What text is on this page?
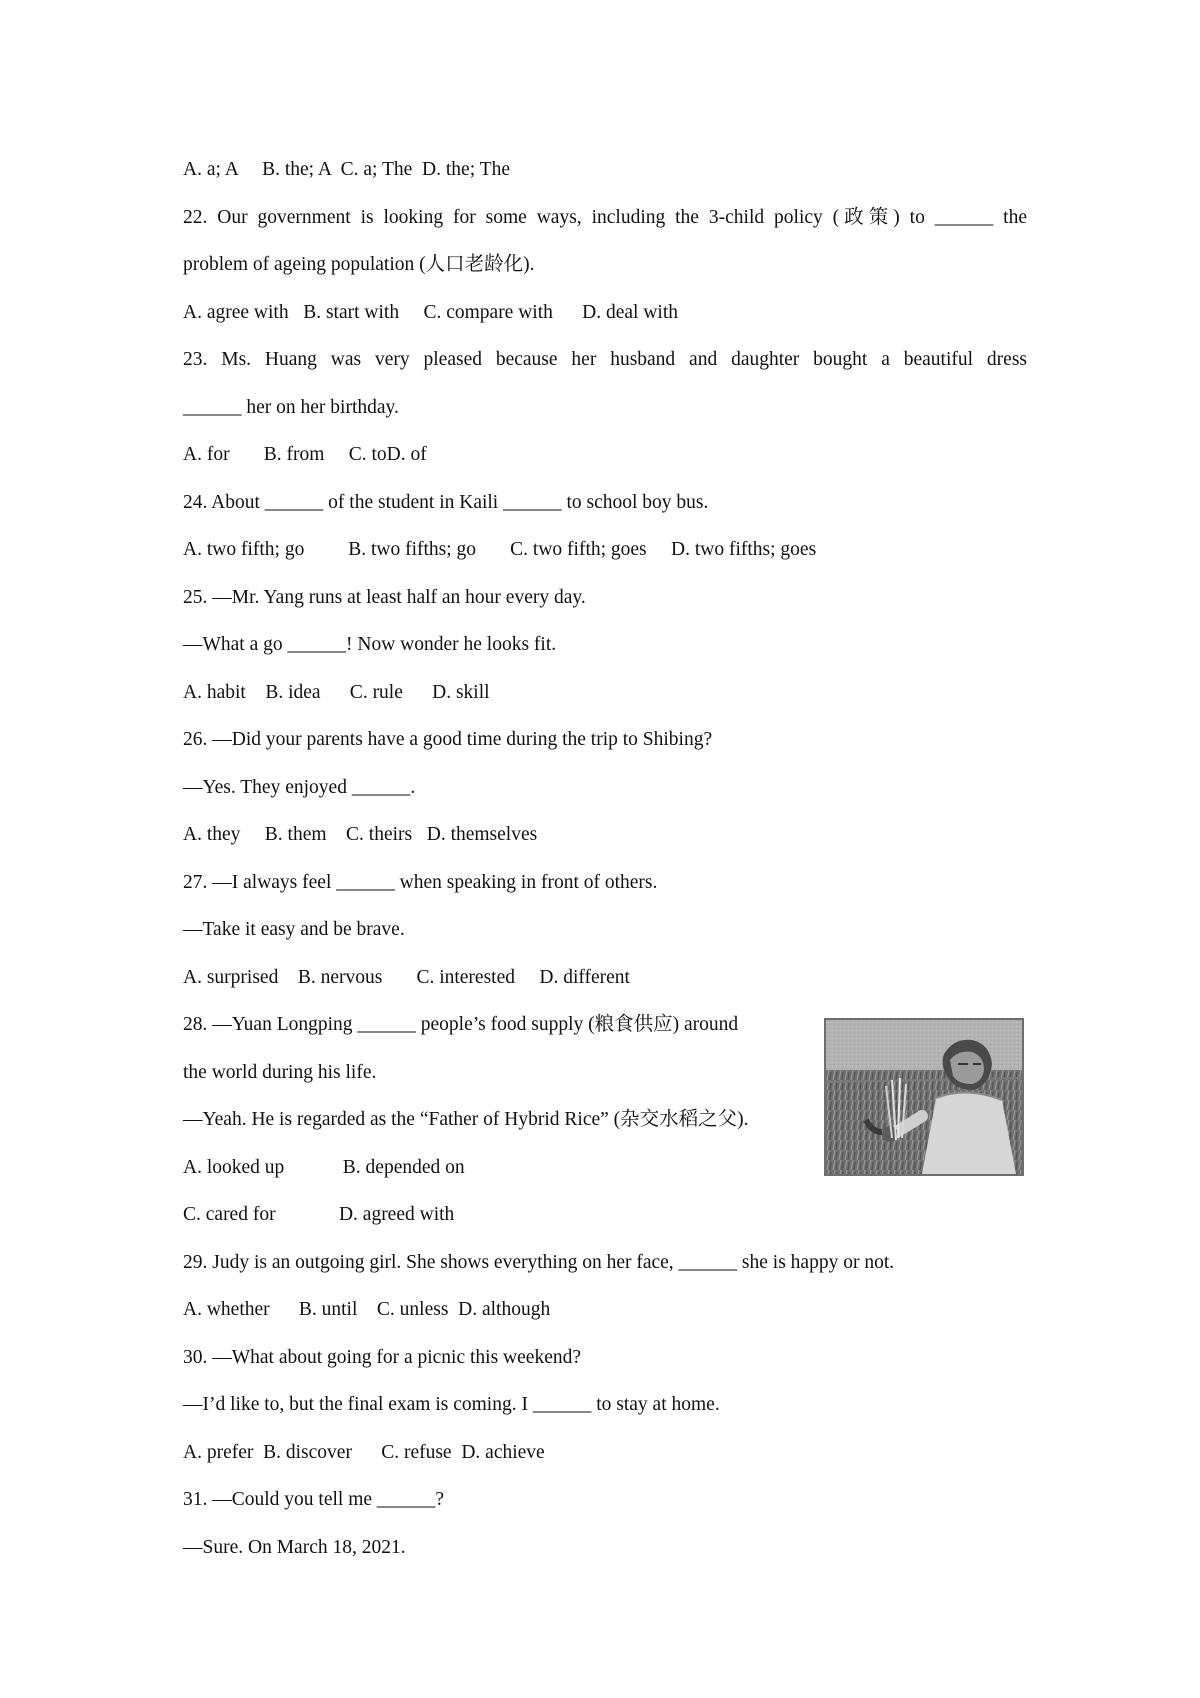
A. a; A     B. the; A  C. a; The  D. the; The
22. Our government is looking for some ways, including the 3-child policy (政策) to ______ the
problem of ageing population (人口老龄化).
A. agree with   B. start with     C. compare with      D. deal with
23. Ms. Huang was very pleased because her husband and daughter bought a beautiful dress
______ her on her birthday.
A. for       B. from     C. toD. of
24. About ______ of the student in Kaili ______ to school boy bus.
A. two fifth; go         B. two fifths; go       C. two fifth; goes     D. two fifths; goes
25. —Mr. Yang runs at least half an hour every day.
—What a go ______! Now wonder he looks fit.
A. habit    B. idea      C. rule      D. skill
26. —Did your parents have a good time during the trip to Shibing?
—Yes. They enjoyed ______.
A. they     B. them    C. theirs   D. themselves
27. —I always feel ______ when speaking in front of others.
—Take it easy and be brave.
A. surprised    B. nervous       C. interested     D. different
28. —Yuan Longping ______ people’s food supply (粮食供应) around
the world during his life.
—Yeah. He is regarded as the “Father of Hybrid Rice” (杂交水稻之父).
A. looked up            B. depended on
C. cared for             D. agreed with
29. Judy is an outgoing girl. She shows everything on her face, ______ she is happy or not.
A. whether      B. until    C. unless  D. although
30. —What about going for a picnic this weekend?
—I’d like to, but the final exam is coming. I ______ to stay at home.
A. prefer  B. discover      C. refuse  D. achieve
31. —Could you tell me ______?
—Sure. On March 18, 2021.
